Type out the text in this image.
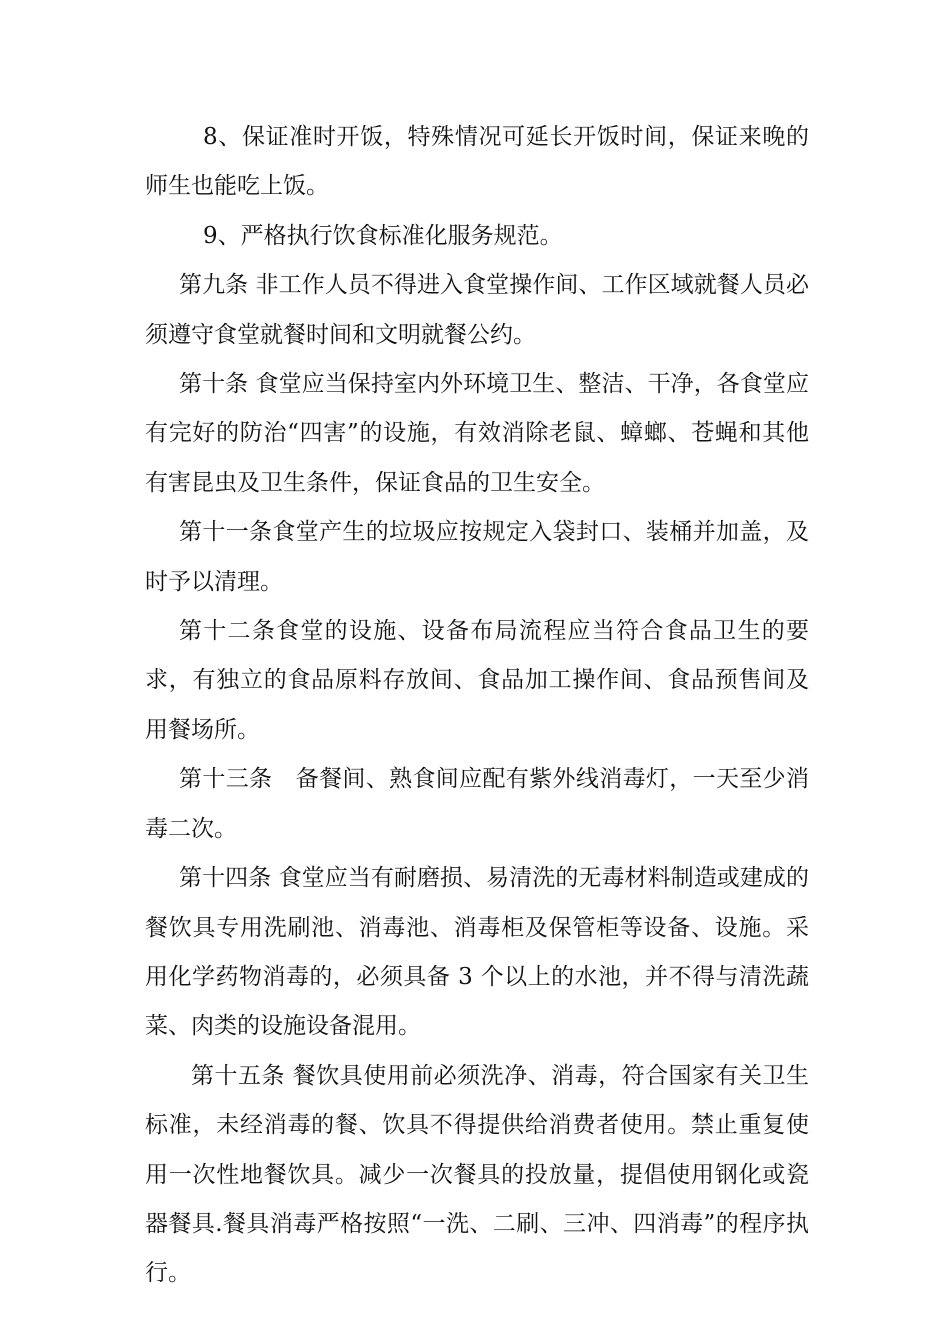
8、保证准时开饭，特殊情况可延长开饭时间，保证来晚的师生也能吃上饭。

9、严格执行饮食标准化服务规范。

第九条 非工作人员不得进入食堂操作间、工作区域就餐人员必须遵守食堂就餐时间和文明就餐公约。

第十条 食堂应当保持室内外环境卫生、整洁、干净，各食堂应有完好的防治“四害”的设施，有效消除老鼠、蟑螂、苍蝇和其他有害昆虫及卫生条件，保证食品的卫生安全。

第十一条食堂产生的垃圾应按规定入袋封口、装桶并加盖，及时予以清理。

第十二条食堂的设施、设备布局流程应当符合食品卫生的要求，有独立的食品原料存放间、食品加工操作间、食品预售间及用餐场所。

第十三条　备餐间、熟食间应配有紫外线消毒灯，一天至少消毒二次。

第十四条 食堂应当有耐磨损、易清洗的无毒材料制造或建成的餐饮具专用洗刷池、消毒池、消毒柜及保管柜等设备、设施。采用化学药物消毒的，必须具备 3 个以上的水池，并不得与清洗蔬菜、肉类的设施设备混用。

第十五条 餐饮具使用前必须洗净、消毒，符合国家有关卫生标准，未经消毒的餐、饮具不得提供给消费者使用。禁止重复使用一次性地餐饮具。减少一次餐具的投放量，提倡使用钢化或瓷器餐具.餐具消毒严格按照“一洗、二刷、三冲、四消毒”的程序执行。
